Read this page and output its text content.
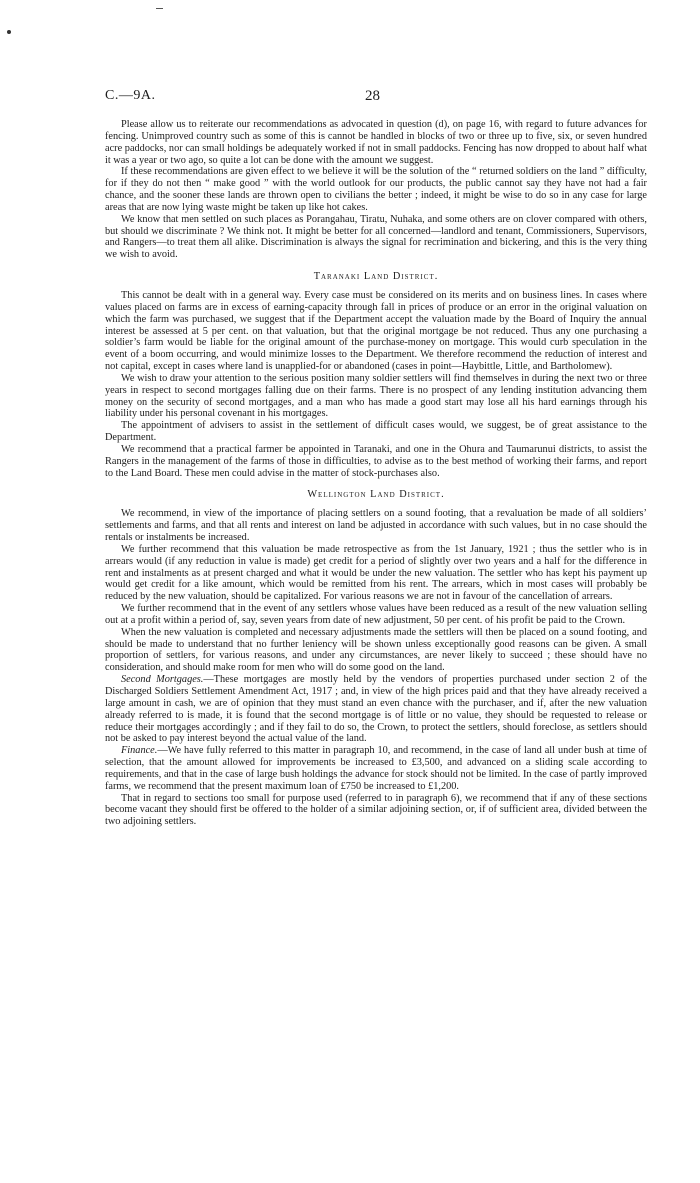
C.—9A.	28

Please allow us to reiterate our recommendations as advocated in question (d), on page 16, with regard to future advances for fencing. Unimproved country such as some of this is cannot be handled in blocks of two or three up to five, six, or seven hundred acre paddocks, nor can small holdings be adequately worked if not in small paddocks. Fencing has now dropped to about half what it was a year or two ago, so quite a lot can be done with the amount we suggest.

If these recommendations are given effect to we believe it will be the solution of the “ returned soldiers on the land ” difficulty, for if they do not then “ make good ” with the world outlook for our products, the public cannot say they have not had a fair chance, and the sooner these lands are thrown open to civilians the better ; indeed, it might be wise to do so in any case for large areas that are now lying waste might be taken up like hot cakes.

We know that men settled on such places as Porangahau, Tiratu, Nuhaka, and some others are on clover compared with others, but should we discriminate ? We think not. It might be better for all concerned—landlord and tenant, Commissioners, Supervisors, and Rangers—to treat them all alike. Discrimination is always the signal for recrimination and bickering, and this is the very thing we wish to avoid.

Taranaki Land District.

This cannot be dealt with in a general way. Every case must be considered on its merits and on business lines. In cases where values placed on farms are in excess of earning-capacity through fall in prices of produce or an error in the original valuation on which the farm was purchased, we suggest that if the Department accept the valuation made by the Board of Inquiry the annual interest be assessed at 5 per cent. on that valuation, but that the original mortgage be not reduced. Thus any one purchasing a soldier’s farm would be liable for the original amount of the purchase-money on mortgage. This would curb speculation in the event of a boom occurring, and would minimize losses to the Department. We therefore recommend the reduction of interest and not capital, except in cases where land is unapplied-for or abandoned (cases in point—Haybittle, Little, and Bartholomew).

We wish to draw your attention to the serious position many soldier settlers will find themselves in during the next two or three years in respect to second mortgages falling due on their farms. There is no prospect of any lending institution advancing them money on the security of second mortgages, and a man who has made a good start may lose all his hard earnings through his liability under his personal covenant in his mortgages.

The appointment of advisers to assist in the settlement of difficult cases would, we suggest, be of great assistance to the Department.

We recommend that a practical farmer be appointed in Taranaki, and one in the Ohura and Taumarunui districts, to assist the Rangers in the management of the farms of those in difficulties, to advise as to the best method of working their farms, and report to the Land Board. These men could advise in the matter of stock-purchases also.

Wellington Land District.

We recommend, in view of the importance of placing settlers on a sound footing, that a revaluation be made of all soldiers’ settlements and farms, and that all rents and interest on land be adjusted in accordance with such values, but in no case should the rentals or instalments be increased.

We further recommend that this valuation be made retrospective as from the 1st January, 1921 ; thus the settler who is in arrears would (if any reduction in value is made) get credit for a period of slightly over two years and a half for the difference in rent and instalments as at present charged and what it would be under the new valuation. The settler who has kept his payment up would get credit for a like amount, which would be remitted from his rent. The arrears, which in most cases will probably be reduced by the new valuation, should be capitalized. For various reasons we are not in favour of the cancellation of arrears.

We further recommend that in the event of any settlers whose values have been reduced as a result of the new valuation selling out at a profit within a period of, say, seven years from date of new adjustment, 50 per cent. of his profit be paid to the Crown.

When the new valuation is completed and necessary adjustments made the settlers will then be placed on a sound footing, and should be made to understand that no further leniency will be shown unless exceptionally good reasons can be given. A small proportion of settlers, for various reasons, and under any circumstances, are never likely to succeed ; these should have no consideration, and should make room for men who will do some good on the land.

Second Mortgages.—These mortgages are mostly held by the vendors of properties purchased under section 2 of the Discharged Soldiers Settlement Amendment Act, 1917 ; and, in view of the high prices paid and that they have already received a large amount in cash, we are of opinion that they must stand an even chance with the purchaser, and if, after the new valuation already referred to is made, it is found that the second mortgage is of little or no value, they should be requested to release or reduce their mortgages accordingly ; and if they fail to do so, the Crown, to protect the settlers, should foreclose, as settlers should not be asked to pay interest beyond the actual value of the land.

Finance.—We have fully referred to this matter in paragraph 10, and recommend, in the case of land all under bush at time of selection, that the amount allowed for improvements be increased to £3,500, and advanced on a sliding scale according to requirements, and that in the case of large bush holdings the advance for stock should not be limited. In the case of partly improved farms, we recommend that the present maximum loan of £750 be increased to £1,200.

That in regard to sections too small for purpose used (referred to in paragraph 6), we recommend that if any of these sections become vacant they should first be offered to the holder of a similar adjoining section, or, if of sufficient area, divided between the two adjoining settlers.
